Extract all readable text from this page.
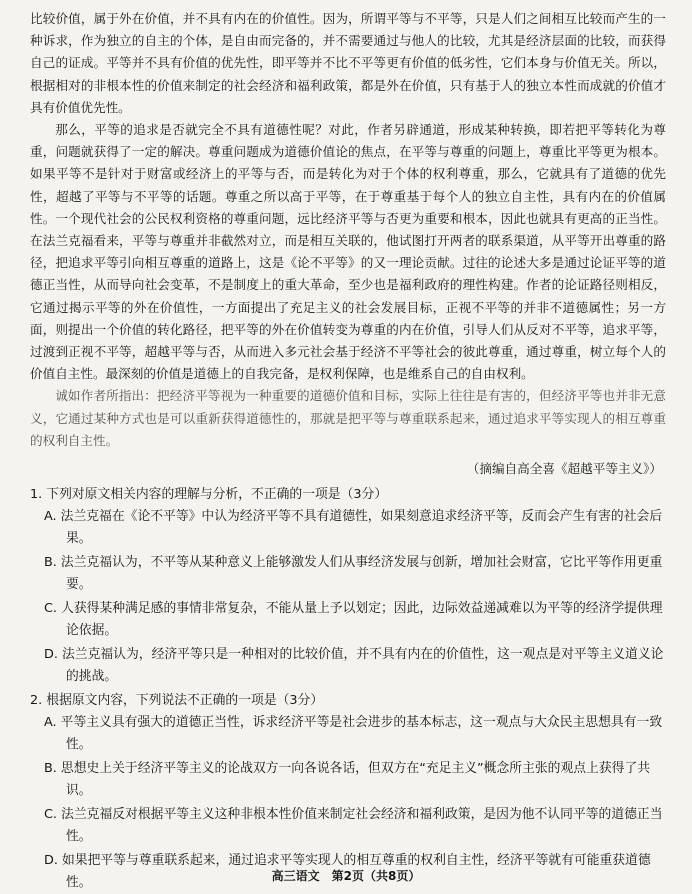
比较价值，属于外在价值，并不具有内在的价值性。因为，所谓平等与不平等，只是人们之间相互比较而产生的一种诉求，作为独立的自主的个体，是自由而完备的，并不需要通过与他人的比较，尤其是经济层面的比较，而获得自己的证成。平等并不具有价值的优先性，即平等并不比不平等更有价值的低劣性，它们本身与价值无关。所以，根据相对的非根本性的价值来制定的社会经济和福利政策，都是外在价值，只有基于人的独立本性而成就的价值才具有价值优先性。

那么，平等的追求是否就完全不具有道德性呢？对此，作者另辟通道，形成某种转换，即若把平等转化为尊重，问题就获得了一定的解决。尊重问题成为道德价值论的焦点，在平等与尊重的问题上，尊重比平等更为根本。如果平等不是针对于财富或经济上的平等与否，而是转化为对于个体的权利尊重，那么，它就具有了道德的优先性，超越了平等与不平等的话题。尊重之所以高于平等，在于尊重基于每个人的独立自主性，具有内在的价值属性。一个现代社会的公民权利资格的尊重问题，远比经济平等与否更为重要和根本，因此也就具有更高的正当性。在法兰克福看来，平等与尊重并非截然对立，而是相互关联的，他试图打开两者的联系渠道，从平等开出尊重的路径，把追求平等引向相互尊重的道路上，这是《论不平等》的又一理论贡献。过往的论述大多是通过论证平等的道德正当性，从而导向社会变革，不是制度上的重大革命，至少也是福利政府的理性构建。作者的论证路径则相反，它通过揭示平等的外在价值性，一方面提出了充足主义的社会发展目标，正视不平等的并非不道德属性；另一方面，则提出一个价值的转化路径，把平等的外在价值转变为尊重的内在价值，引导人们从反对不平等，追求平等，过渡到正视不平等，超越平等与否，从而进入多元社会基于经济不平等社会的彼此尊重，通过尊重，树立每个人的价值自主性。最深刻的价值是道德上的自我完备，是权利保障，也是维系自己的自由权利。

诚如作者所指出：把经济平等视为一种重要的道德价值和目标，实际上往往是有害的，但经济平等也并非无意义，它通过某种方式也是可以重新获得道德性的，那就是把平等与尊重联系起来，通过追求平等实现人的相互尊重的权利自主性。

（摘编自高全喜《超越平等主义》）

1. 下列对原文相关内容的理解与分析，不正确的一项是（3分）

A. 法兰克福在《论不平等》中认为经济平等不具有道德性，如果刻意追求经济平等，反而会产生有害的社会后果。

B. 法兰克福认为，不平等从某种意义上能够激发人们从事经济发展与创新，增加社会财富，它比平等作用更重要。

C. 人获得某种满足感的事情非常复杂，不能从量上予以划定；因此，边际效益递减难以为平等的经济学提供理论依据。

D. 法兰克福认为，经济平等只是一种相对的比较价值，并不具有内在的价值性，这一观点是对平等主义道义论的挑战。

2. 根据原文内容，下列说法不正确的一项是（3分）

A. 平等主义具有强大的道德正当性，诉求经济平等是社会进步的基本标志，这一观点与大众民主思想具有一致性。

B. 思想史上关于经济平等主义的论战双方一向各说各话，但双方在“充足主义”概念所主张的观点上获得了共识。

C. 法兰克福反对根据平等主义这种非根本性价值来制定社会经济和福利政策，是因为他不认同平等的道德正当性。

D. 如果把平等与尊重联系起来，通过追求平等实现人的相互尊重的权利自主性，经济平等就有可能重获道德性。	高三语文　第2页（共8页）
